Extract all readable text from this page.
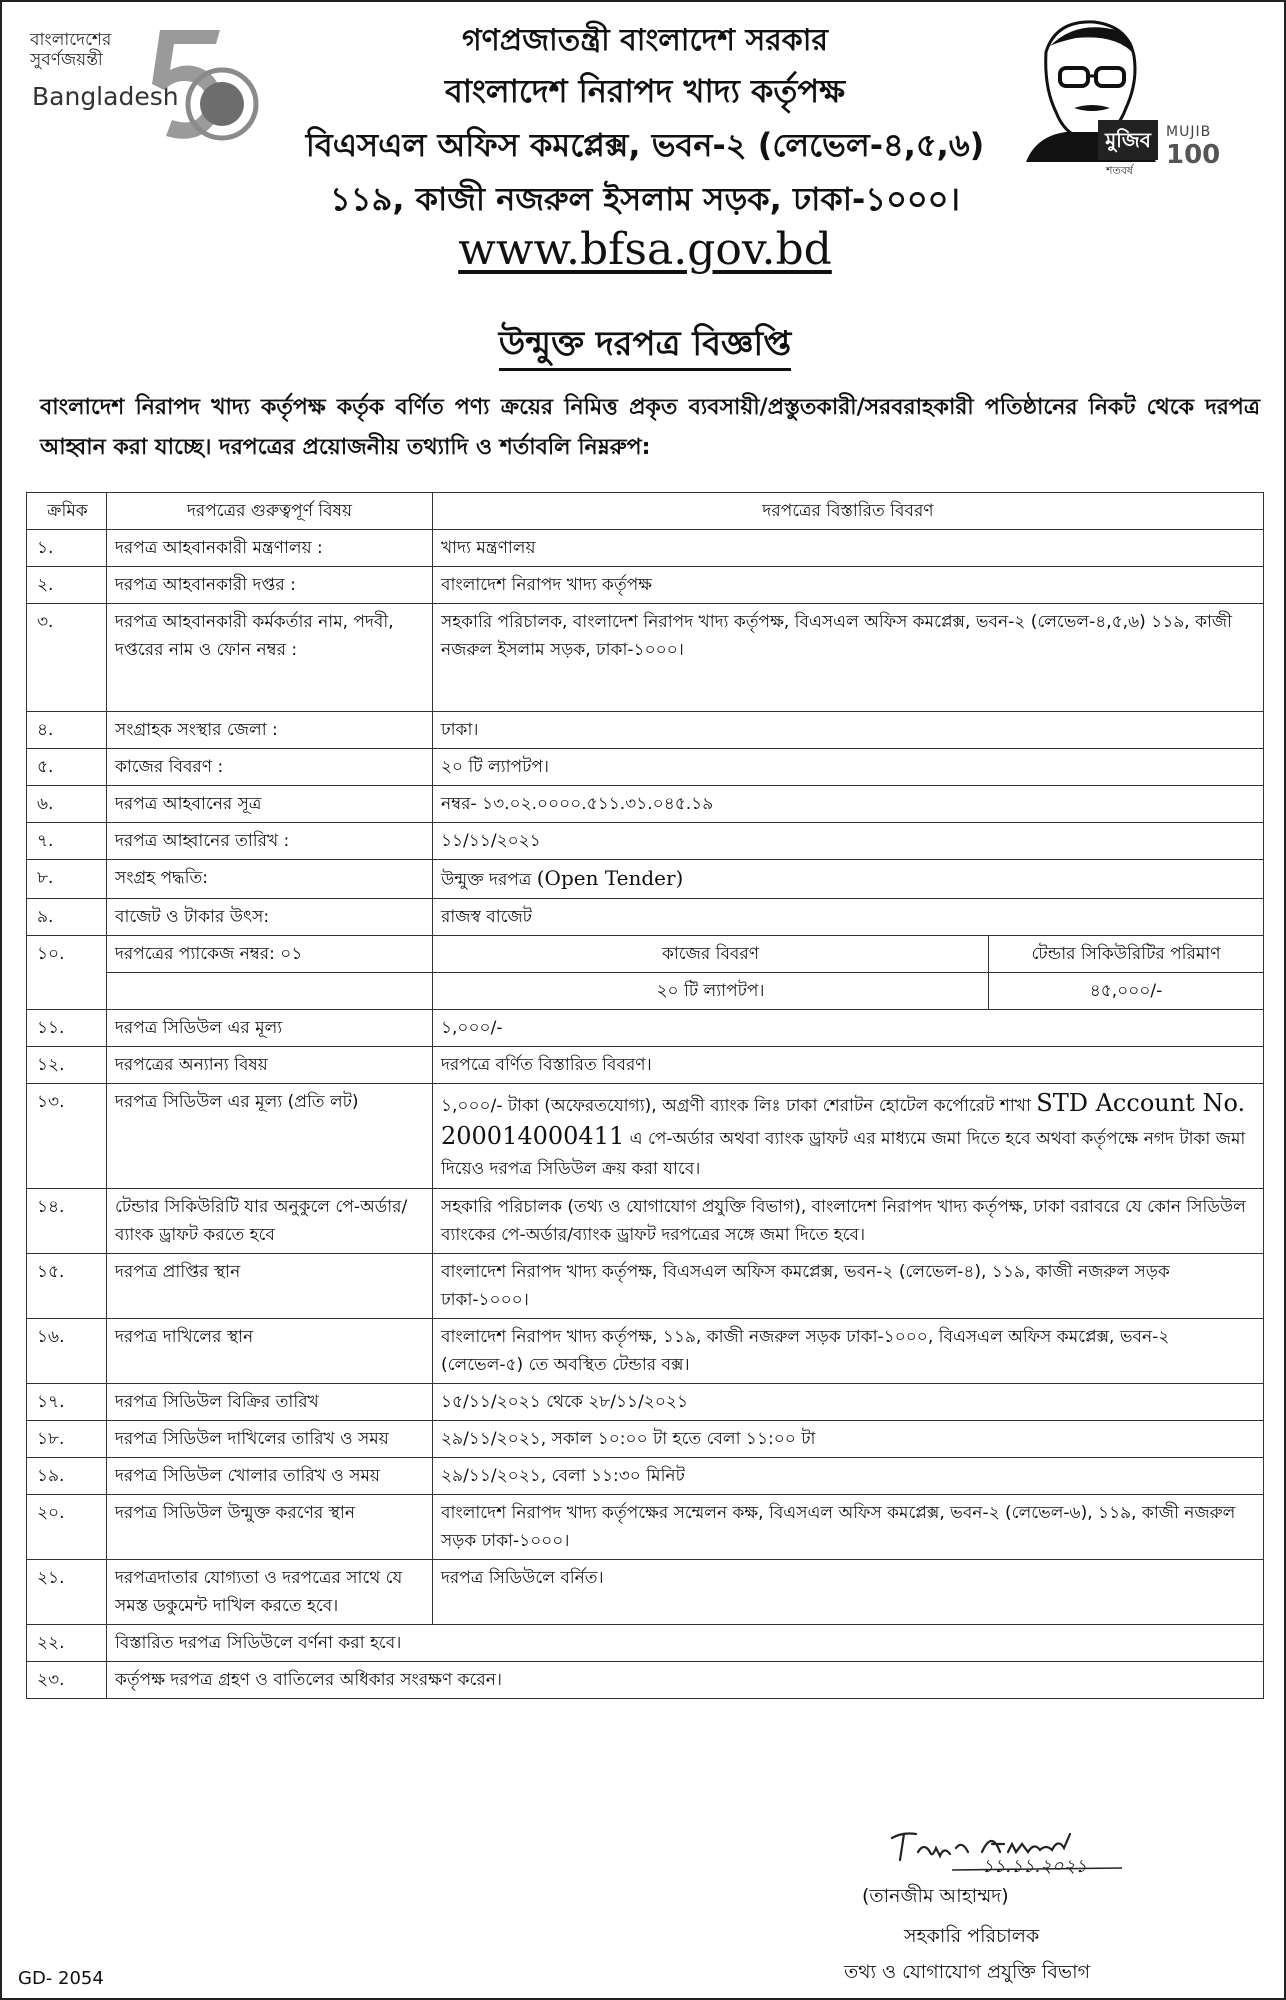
বাংলাদেশের
সুবর্ণজয়ন্তী
Bangladesh
মুজিব
শতবর্ষ
MUJIB
100
গণপ্রজাতন্ত্রী বাংলাদেশ সরকার
বাংলাদেশ নিরাপদ খাদ্য কর্তৃপক্ষ
বিএসএল অফিস কমপ্লেক্স, ভবন-২ (লেভেল-৪,৫,৬)
১১৯, কাজী নজরুল ইসলাম সড়ক, ঢাকা-১০০০।
www.bfsa.gov.bd
উন্মুক্ত দরপত্র বিজ্ঞপ্তি
বাংলাদেশ নিরাপদ খাদ্য কর্তৃপক্ষ কর্তৃক বর্ণিত পণ্য ক্রয়ের নিমিত্ত প্রকৃত ব্যবসায়ী/প্রস্তুতকারী/সরবরাহকারী পতিষ্ঠানের নিকট থেকে দরপত্র আহ্বান করা যাচ্ছে। দরপত্রের প্রয়োজনীয় তথ্যাদি ও শর্তাবলি নিম্নরুপ:
ক্রমিক	দরপত্রের গুরুত্বপূর্ণ বিষয়	দরপত্রের বিস্তারিত বিবরণ	
১.	দরপত্র আহবানকারী মন্ত্রণালয় :	খাদ্য মন্ত্রণালয়	
২.	দরপত্র আহবানকারী দপ্তর :	বাংলাদেশ নিরাপদ খাদ্য কর্তৃপক্ষ	
৩.	দরপত্র আহবানকারী কর্মকর্তার নাম, পদবী, দপ্তরের নাম ও ফোন নম্বর :	সহকারি পরিচালক, বাংলাদেশ নিরাপদ খাদ্য কর্তৃপক্ষ, বিএসএল অফিস কমপ্লেক্স, ভবন-২ (লেভেল-৪,৫,৬) ১১৯, কাজী নজরুল ইসলাম সড়ক, ঢাকা-১০০০।	
৪.	সংগ্রাহক সংস্থার জেলা :	ঢাকা।	
৫.	কাজের বিবরণ :	২০ টি ল্যাপটপ।	
৬.	দরপত্র আহবানের সূত্র	নম্বর- ১৩.০২.০০০০.৫১১.৩১.০৪৫.১৯	
৭.	দরপত্র আহ্বানের তারিখ :	১১/১১/২০২১	
৮.	সংগ্রহ পদ্ধতি:	উন্মুক্ত দরপত্র (Open Tender)	
৯.	বাজেট ও টাকার উৎস:	রাজস্ব বাজেট	
১০.	দরপত্রের প্যাকেজ নম্বর: ০১	কাজের বিবরণ	টেন্ডার সিকিউরিটির পরিমাণ
		২০ টি ল্যাপটপ।	৪৫,০০০/-
১১.	দরপত্র সিডিউল এর মূল্য	১,০০০/-	
১২.	দরপত্রের অন্যান্য বিষয়	দরপত্রে বর্ণিত বিস্তারিত বিবরণ।	
১৩.	দরপত্র সিডিউল এর মূল্য (প্রতি লট)	১,০০০/- টাকা (অফেরতযোগ্য), অগ্রণী ব্যাংক লিঃ ঢাকা শেরাটন হোটেল কর্পোরেট শাখা STD Account No. 200014000411 এ পে-অর্ডার অথবা ব্যাংক ড্রাফট এর মাধ্যমে জমা দিতে হবে অথবা কর্তৃপক্ষে নগদ টাকা জমা দিয়েও দরপত্র সিডিউল ক্রয় করা যাবে।	
১৪.	টেন্ডার সিকিউরিটি যার অনুকুলে পে-অর্ডার/ব্যাংক ড্রাফট করতে হবে	সহকারি পরিচালক (তথ্য ও যোগাযোগ প্রযুক্তি বিভাগ), বাংলাদেশ নিরাপদ খাদ্য কর্তৃপক্ষ, ঢাকা বরাবরে যে কোন সিডিউল ব্যাংকের পে-অর্ডার/ব্যাংক ড্রাফট দরপত্রের সঙ্গে জমা দিতে হবে।	
১৫.	দরপত্র প্রাপ্তির স্থান	বাংলাদেশ নিরাপদ খাদ্য কর্তৃপক্ষ, বিএসএল অফিস কমপ্লেক্স, ভবন-২ (লেভেল-৪), ১১৯, কাজী নজরুল সড়ক ঢাকা-১০০০।	
১৬.	দরপত্র দাখিলের স্থান	বাংলাদেশ নিরাপদ খাদ্য কর্তৃপক্ষ, ১১৯, কাজী নজরুল সড়ক ঢাকা-১০০০, বিএসএল অফিস কমপ্লেক্স, ভবন-২ (লেভেল-৫) তে অবস্থিত টেন্ডার বক্স।	
১৭.	দরপত্র সিডিউল বিক্রির তারিখ	১৫/১১/২০২১ থেকে ২৮/১১/২০২১	
১৮.	দরপত্র সিডিউল দাখিলের তারিখ ও সময়	২৯/১১/২০২১, সকাল ১০:০০ টা হতে বেলা ১১:০০ টা	
১৯.	দরপত্র সিডিউল খোলার তারিখ ও সময়	২৯/১১/২০২১, বেলা ১১:৩০ মিনিট	
২০.	দরপত্র সিডিউল উন্মুক্ত করণের স্থান	বাংলাদেশ নিরাপদ খাদ্য কর্তৃপক্ষের সম্মেলন কক্ষ, বিএসএল অফিস কমপ্লেক্স, ভবন-২ (লেভেল-৬), ১১৯, কাজী নজরুল সড়ক ঢাকা-১০০০।	
২১.	দরপত্রদাতার যোগ্যতা ও দরপত্রের সাথে যে সমস্ত ডকুমেন্ট দাখিল করতে হবে।	দরপত্র সিডিউলে বর্নিত।	
২২.	বিস্তারিত দরপত্র সিডিউলে বর্ণনা করা হবে।		
২৩.	কর্তৃপক্ষ দরপত্র গ্রহণ ও বাতিলের অধিকার সংরক্ষণ করেন।		
১১.১১.২০২১
(তানজীম আহাম্মদ)
সহকারি পরিচালক
তথ্য ও যোগাযোগ প্রযুক্তি বিভাগ
GD- 2054
